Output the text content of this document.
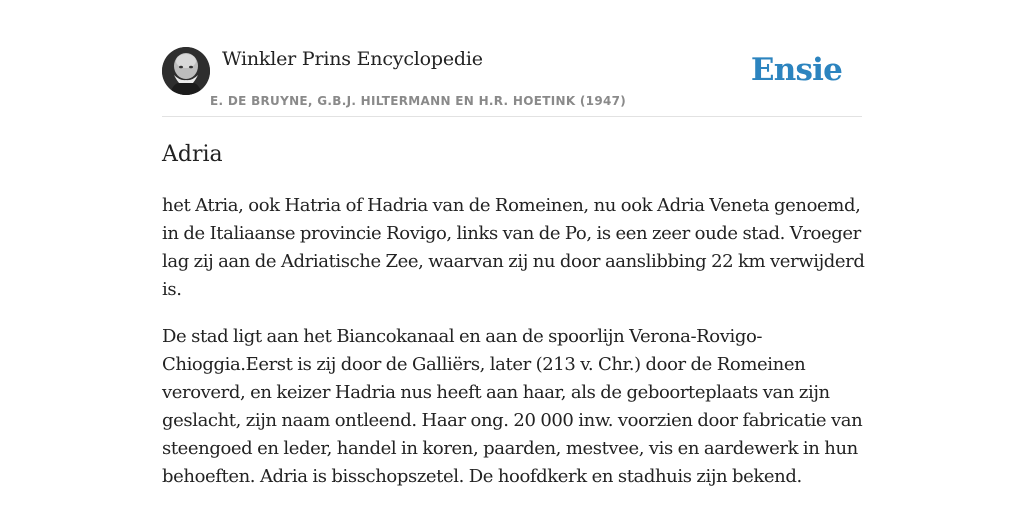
Winkler Prins Encyclopedie
E. DE BRUYNE, G.B.J. HILTERMANN EN H.R. HOETINK (1947)
Ensie
Adria

het Atria, ook Hatria of Hadria van de Romeinen, nu ook Adria Veneta genoemd, in de Italiaanse provincie Rovigo, links van de Po, is een zeer oude stad. Vroeger lag zij aan de Adriatische Zee, waarvan zij nu door aanslibbing 22 km verwijderd is.

De stad ligt aan het Biancokanaal en aan de spoorlijn Verona-Rovigo-Chioggia.Eerst is zij door de Galliërs, later (213 v. Chr.) door de Romeinen veroverd, en keizer Hadria nus heeft aan haar, als de geboorteplaats van zijn geslacht, zijn naam ontleend. Haar ong. 20 000 inw. voorzien door fabricatie van steengoed en leder, handel in koren, paarden, mestvee, vis en aardewerk in hun behoeften. Adria is bisschopszetel. De hoofdkerk en stadhuis zijn bekend.
